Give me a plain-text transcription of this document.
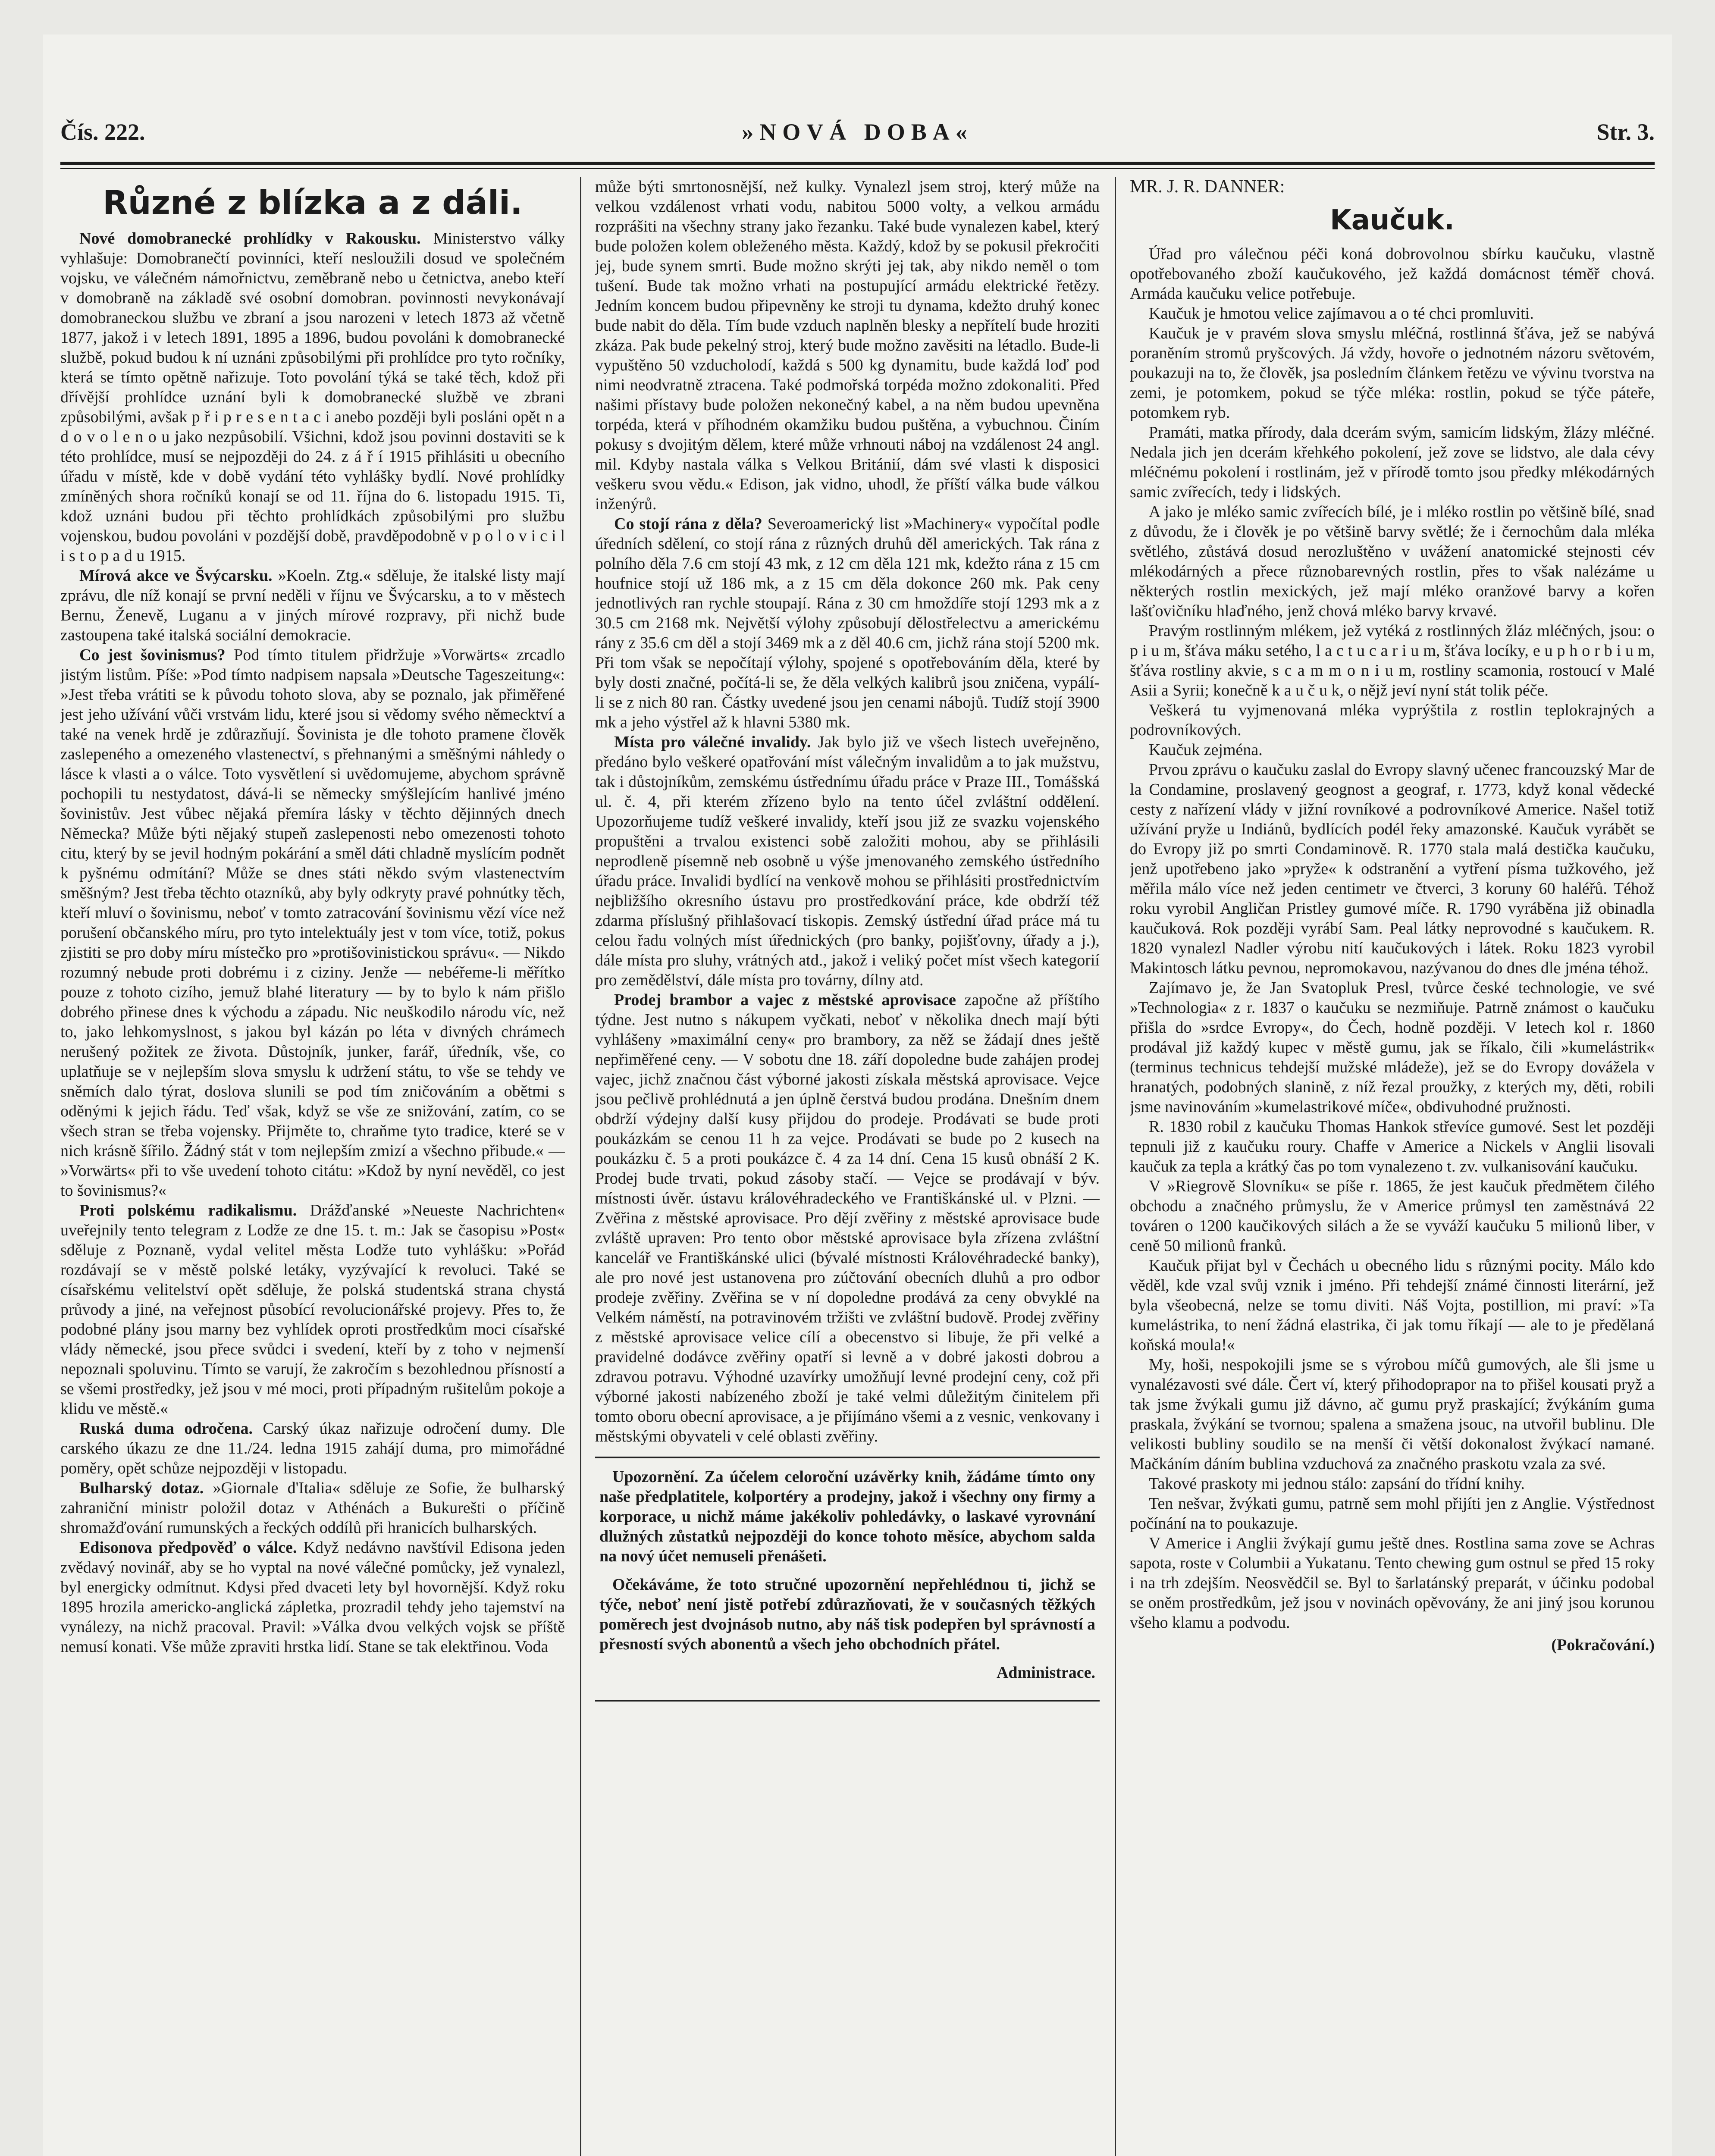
Čís. 222.	»NOVÁ DOBA«	Str. 3.
Různé z blízka a z dáli.

Nové domobranecké prohlídky v Rakousku. Ministerstvo války vyhlašuje: Domobranečtí povinníci, kteří nesloužili dosud ve společném vojsku, ve válečném námořnictvu, zeměbraně nebo u četnictva, anebo kteří v domobraně na základě své osobní domobran. povinnosti nevykonávají domobraneckou službu ve zbraní a jsou narozeni v letech 1873 až včetně 1877, jakož i v letech 1891, 1895 a 1896, budou povoláni k domobranecké službě, pokud budou k ní uznáni způsobilými při prohlídce pro tyto ročníky, která se tímto opětně nařizuje. Toto povolání týká se také těch, kdož při dřívější prohlídce uznání byli k domobranecké službě ve zbrani způsobilými, avšak p ř i p r e s e n t a c i anebo později byli posláni opět n a d o v o l e n o u jako nezpůsobilí. Všichni, kdož jsou povinni dostaviti se k této prohlídce, musí se nejpozději do 24. z á ř í 1915 přihlásiti u obecního úřadu v místě, kde v době vydání této vyhlášky bydlí. Nové prohlídky zmíněných shora ročníků konají se od 11. října do 6. listopadu 1915. Ti, kdož uznáni budou při těchto prohlídkách způsobilými pro službu vojenskou, budou povoláni v pozdější době, pravděpodobně v p o l o v i c i l i s t o p a d u 1915.

Mírová akce ve Švýcarsku. »Koeln. Ztg.« sděluje, že italské listy mají zprávu, dle níž konají se první neděli v říjnu ve Švýcarsku, a to v městech Bernu, Ženevě, Luganu a v jiných mírové rozpravy, při nichž bude zastoupena také italská sociální demokracie.

Co jest šovinismus? Pod tímto titulem přidržuje »Vorwärts« zrcadlo jistým listům. Píše: »Pod tímto nadpisem napsala »Deutsche Tageszeitung«: »Jest třeba vrátiti se k původu tohoto slova, aby se poznalo, jak přiměřené jest jeho užívání vůči vrstvám lidu, které jsou si vědomy svého německtví a také na venek hrdě je zdůrazňují. Šovinista je dle tohoto pramene člověk zaslepeného a omezeného vlastenectví, s přehnanými a směšnými náhledy o lásce k vlasti a o válce. Toto vysvětlení si uvědomujeme, abychom správně pochopili tu nestydatost, dává-li se německy smýšlejícím hanlivé jméno šovinistův. Jest vůbec nějaká přemíra lásky v těchto dějinných dnech Německa? Může býti nějaký stupeň zaslepenosti nebo omezenosti tohoto citu, který by se jevil hodným pokárání a směl dáti chladně myslícím podnět k pyšnému odmítání? Může se dnes státi někdo svým vlastenectvím směšným? Jest třeba těchto otazníků, aby byly odkryty pravé pohnútky těch, kteří mluví o šovinismu, neboť v tomto zatracování šovinismu vězí více než porušení občanského míru, pro tyto intelektuály jest v tom více, totiž, pokus zjistiti se pro doby míru místečko pro »protišovinistickou správu«. — Nikdo rozumný nebude proti dobrému i z ciziny. Jenže — nebéřeme-li měřítko pouze z tohoto cizího, jemuž blahé literatury — by to bylo k nám přišlo dobrého přinese dnes k východu a západu. Nic neuškodilo národu víc, než to, jako lehkomyslnost, s jakou byl kázán po léta v divných chrámech nerušený požitek ze života. Důstojník, junker, farář, úředník, vše, co uplatňuje se v nejlepším slova smyslu k udržení státu, to vše se tehdy ve sněmích dalo týrat, doslova slunili se pod tím zničováním a obětmi s oděnými k jejich řádu. Teď však, když se vše ze snižování, zatím, co se všech stran se třeba vojensky. Přijměte to, chraňme tyto tradice, které se v nich krásně šířilo. Žádný stát v tom nejlepším zmizí a všechno přibude.« — »Vorwärts« při to vše uvedení tohoto citátu: »Kdož by nyní nevěděl, co jest to šovinismus?«

Proti polskému radikalismu. Drážďanské »Neueste Nachrichten« uveřejnily tento telegram z Lodže ze dne 15. t. m.: Jak se časopisu »Post« sděluje z Poznaně, vydal velitel města Lodže tuto vyhlášku: »Pořád rozdávají se v městě polské letáky, vyzývající k revoluci. Také se císařskému velitelství opět sděluje, že polská studentská strana chystá průvody a jiné, na veřejnost působící revolucionářské projevy. Přes to, že podobné plány jsou marny bez vyhlídek oproti prostředkům moci císařské vlády německé, jsou přece svůdci i svedení, kteří by z toho v nejmenší nepoznali spoluvinu. Tímto se varují, že zakročím s bezohlednou přísností a se všemi prostředky, jež jsou v mé moci, proti případným rušitelům pokoje a klidu ve městě.«

Ruská duma odročena. Carský úkaz nařizuje odročení dumy. Dle carského úkazu ze dne 11./24. ledna 1915 zahájí duma, pro mimořádné poměry, opět schůze nejpozději v listopadu.

Bulharský dotaz. »Giornale d'Italia« sděluje ze Sofie, že bulharský zahraniční ministr položil dotaz v Athénách a Bukurešti o příčině shromažďování rumunských a řeckých oddílů při hranicích bulharských.

Edisonova předpověď o válce. Když nedávno navštívil Edisona jeden zvědavý novinář, aby se ho vyptal na nové válečné pomůcky, jež vynalezl, byl energicky odmítnut. Kdysi před dvaceti lety byl hovornější. Když roku 1895 hrozila americko-anglická zápletka, prozradil tehdy jeho tajemství na vynálezy, na nichž pracoval. Pravil: »Válka dvou velkých vojsk se příště nemusí konati. Vše může zpraviti hrstka lidí. Stane se tak elektřinou. Voda

může býti smrtonosnější, než kulky. Vynalezl jsem stroj, který může na velkou vzdálenost vrhati vodu, nabitou 5000 volty, a velkou armádu rozprášiti na všechny strany jako řezanku. Také bude vynalezen kabel, který bude položen kolem obleženého města. Každý, kdož by se pokusil překročiti jej, bude synem smrti. Bude možno skrýti jej tak, aby nikdo neměl o tom tušení. Bude tak možno vrhati na postupující armádu elektrické řetězy. Jedním koncem budou připevněny ke stroji tu dynama, kdežto druhý konec bude nabit do děla. Tím bude vzduch naplněn blesky a nepřítelí bude hroziti zkáza. Pak bude pekelný stroj, který bude možno zavěsiti na létadlo. Bude-li vypuštěno 50 vzducholodí, každá s 500 kg dynamitu, bude každá loď pod nimi neodvratně ztracena. Také podmořská torpéda možno zdokonaliti. Před našimi přístavy bude položen nekonečný kabel, a na něm budou upevněna torpéda, která v příhodném okamžiku budou puštěna, a vybuchnou. Činím pokusy s dvojitým dělem, které může vrhnouti náboj na vzdálenost 24 angl. mil. Kdyby nastala válka s Velkou Británií, dám své vlasti k disposici veškeru svou vědu.« Edison, jak vidno, uhodl, že příští válka bude válkou inženýrů.

Co stojí rána z děla? Severoamerický list »Machinery« vypočítal podle úředních sdělení, co stojí rána z různých druhů děl amerických. Tak rána z polního děla 7.6 cm stojí 43 mk, z 12 cm děla 121 mk, kdežto rána z 15 cm houfnice stojí už 186 mk, a z 15 cm děla dokonce 260 mk. Pak ceny jednotlivých ran rychle stoupají. Rána z 30 cm hmoždíře stojí 1293 mk a z 30.5 cm 2168 mk. Největší výlohy způsobují dělostřelectvu a americkému rány z 35.6 cm děl a stojí 3469 mk a z děl 40.6 cm, jichž rána stojí 5200 mk. Při tom však se nepočítají výlohy, spojené s opotřebováním děla, které by byly dosti značné, počítá-li se, že děla velkých kalibrů jsou zničena, vypálí-li se z nich 80 ran. Částky uvedené jsou jen cenami nábojů. Tudíž stojí 3900 mk a jeho výstřel až k hlavni 5380 mk.

Místa pro válečné invalidy. Jak bylo již ve všech listech uveřejněno, předáno bylo veškeré opatřování míst válečným invalidům a to jak mužstvu, tak i důstojníkům, zemskému ústřednímu úřadu práce v Praze III., Tomášská ul. č. 4, při kterém zřízeno bylo na tento účel zvláštní oddělení. Upozorňujeme tudíž veškeré invalidy, kteří jsou již ze svazku vojenského propuštěni a trvalou existenci sobě založiti mohou, aby se přihlásili neprodleně písemně neb osobně u výše jmenovaného zemského ústředního úřadu práce. Invalidi bydlící na venkově mohou se přihlásiti prostřednictvím nejbližšího okresního ústavu pro prostředkování práce, kde obdrží též zdarma příslušný přihlašovací tiskopis. Zemský ústřední úřad práce má tu celou řadu volných míst úřednických (pro banky, pojišťovny, úřady a j.), dále místa pro sluhy, vrátných atd., jakož i veliký počet míst všech kategorií pro zemědělství, dále místa pro továrny, dílny atd.

Prodej brambor a vajec z městské aprovisace započne až příštího týdne. Jest nutno s nákupem vyčkati, neboť v několika dnech mají býti vyhlášeny »maximální ceny« pro brambory, za něž se žádají dnes ještě nepřiměřené ceny. — V sobotu dne 18. září dopoledne bude zahájen prodej vajec, jichž značnou část výborné jakosti získala městská aprovisace. Vejce jsou pečlivě prohlédnutá a jen úplně čerstvá budou prodána. Dnešním dnem obdrží výdejny další kusy přijdou do prodeje. Prodávati se bude proti poukázkám se cenou 11 h za vejce. Prodávati se bude po 2 kusech na poukázku č. 5 a proti poukázce č. 4 za 14 dní. Cena 15 kusů obnáší 2 K. Prodej bude trvati, pokud zásoby stačí. — Vejce se prodávají v býv. místnosti úvěr. ústavu královéhradeckého ve Františkánské ul. v Plzni. — Zvěřina z městské aprovisace. Pro dějí zvěřiny z městské aprovisace bude zvláště upraven: Pro tento obor městské aprovisace byla zřízena zvláštní kancelář ve Františkánské ulici (bývalé místnosti Královéhradecké banky), ale pro nové jest ustanovena pro zúčtování obecních dluhů a pro odbor prodeje zvěřiny. Zvěřina se v ní dopoledne prodává za ceny obvyklé na Velkém náměstí, na potravinovém tržišti ve zvláštní budově. Prodej zvěřiny z městské aprovisace velice cílí a obecenstvo si libuje, že při velké a pravidelné dodávce zvěřiny opatří si levně a v dobré jakosti dobrou a zdravou potravu. Výhodné uzavírky umožňují levné prodejní ceny, což při výborné jakosti nabízeného zboží je také velmi důležitým činitelem při tomto oboru obecní aprovisace, a je přijímáno všemi a z vesnic, venkovany i městskými obyvateli v celé oblasti zvěřiny.

Upozornění. Za účelem celoroční uzávěrky knih, žádáme tímto ony naše předplatitele, kolportéry a prodejny, jakož i všechny ony firmy a korporace, u nichž máme jakékoliv pohledávky, o laskavé vyrovnání dlužných zůstatků nejpozději do konce tohoto měsíce, abychom salda na nový účet nemuseli přenášeti.

Očekáváme, že toto stručné upozornění nepřehlédnou ti, jichž se týče, neboť není jistě potřebí zdůrazňovati, že v současných těžkých poměrech jest dvojnásob nutno, aby náš tisk podepřen byl správností a přesností svých abonentů a všech jeho obchodních přátel.

Administrace.

MR. J. R. DANNER:
Kaučuk.

Úřad pro válečnou péči koná dobrovolnou sbírku kaučuku, vlastně opotřebovaného zboží kaučukového, jež každá domácnost téměř chová. Armáda kaučuku velice potřebuje.

Kaučuk je hmotou velice zajímavou a o té chci promluviti.

Kaučuk je v pravém slova smyslu mléčná, rostlinná šťáva, jež se nabývá poraněním stromů pryšcových. Já vždy, hovoře o jednotném názoru světovém, poukazuji na to, že člověk, jsa posledním článkem řetězu ve vývinu tvorstva na zemi, je potomkem, pokud se týče mléka: rostlin, pokud se týče páteře, potomkem ryb.

Pramáti, matka přírody, dala dcerám svým, samicím lidským, žlázy mléčné. Nedala jich jen dcerám křehkého pokolení, jež zove se lidstvo, ale dala cévy mléčnému pokolení i rostlinám, jež v přírodě tomto jsou předky mlékodárných samic zvířecích, tedy i lidských.

A jako je mléko samic zvířecích bílé, je i mléko rostlin po většině bílé, snad z důvodu, že i člověk je po většině barvy světlé; že i černochům dala mléka světlého, zůstává dosud nerozluštěno v uvážení anatomické stejnosti cév mlékodárných a přece různobarevných rostlin, přes to však nalézáme u některých rostlin mexických, jež mají mléko oranžové barvy a kořen lašťovičníku hlaďného, jenž chová mléko barvy krvavé.

Pravým rostlinným mlékem, jež vytéká z rostlinných žláz mléčných, jsou: o p i u m, šťáva máku setého, l a c t u c a r i u m, šťáva locíky, e u p h o r b i u m, šťáva rostliny akvie, s c a m m o n i u m, rostliny scamonia, rostoucí v Malé Asii a Syrii; konečně k a u č u k, o nějž jeví nyní stát tolik péče.

Veškerá tu vyjmenovaná mléka vyprýštila z rostlin teplokrajných a podrovníkových.

Kaučuk zejména.

Prvou zprávu o kaučuku zaslal do Evropy slavný učenec francouzský Mar de la Condamine, proslavený geognost a geograf, r. 1773, když konal vědecké cesty z nařízení vlády v jižní rovníkové a podrovníkové Americe. Našel totiž užívání pryže u Indiánů, bydlících podél řeky amazonské. Kaučuk vyrábět se do Evropy již po smrti Condaminově. R. 1770 stala malá destička kaučuku, jenž upotřebeno jako »pryže« k odstranění a vytření písma tužkového, jež měřila málo více než jeden centimetr ve čtverci, 3 koruny 60 haléřů. Téhož roku vyrobil Angličan Pristley gumové míče. R. 1790 vyráběna již obinadla kaučuková. Rok později vyrábí Sam. Peal látky neprovodné s kaučukem. R. 1820 vynalezl Nadler výrobu nití kaučukových i látek. Roku 1823 vyrobil Makintosch látku pevnou, nepromokavou, nazývanou do dnes dle jména téhož.

Zajímavo je, že Jan Svatopluk Presl, tvůrce české technologie, ve své »Technologia« z r. 1837 o kaučuku se nezmiňuje. Patrně známost o kaučuku přišla do »srdce Evropy«, do Čech, hodně později. V letech kol r. 1860 prodával již každý kupec v městě gumu, jak se říkalo, čili »kumelástrik« (terminus technicus tehdejší mužské mládeže), jež se do Evropy dovážela v hranatých, podobných slanině, z níž řezal proužky, z kterých my, děti, robili jsme navinováním »kumelastrikové míče«, obdivuhodné pružnosti.

R. 1830 robil z kaučuku Thomas Hankok střevíce gumové. Sest let později tepnuli již z kaučuku roury. Chaffe v Americe a Nickels v Anglii lisovali kaučuk za tepla a krátký čas po tom vynalezeno t. zv. vulkanisování kaučuku.

V »Riegrově Slovníku« se píše r. 1865, že jest kaučuk předmětem čilého obchodu a značného průmyslu, že v Americe průmysl ten zaměstnává 22 továren o 1200 kaučikových silách a že se vyváží kaučuku 5 milionů liber, v ceně 50 milionů franků.

Kaučuk přijat byl v Čechách u obecného lidu s různými pocity. Málo kdo věděl, kde vzal svůj vznik i jméno. Při tehdejší známé činnosti literární, jež byla všeobecná, nelze se tomu diviti. Náš Vojta, postillion, mi praví: »Ta kumelástrika, to není žádná elastrika, či jak tomu říkají — ale to je předělaná koňská moula!«

My, hoši, nespokojili jsme se s výrobou míčů gumových, ale šli jsme u vynalézavosti své dále. Čert ví, který přihodoprapor na to přišel kousati pryž a tak jsme žvýkali gumu již dávno, ač gumu pryž praskající; žvýkáním guma praskala, žvýkání se tvornou; spalena a smažena jsouc, na utvořil bublinu. Dle velikosti bubliny soudilo se na menší či větší dokonalost žvýkací namané. Mačkáním dáním bublina vzduchová za značného praskotu vzala za své.

Takové praskoty mi jednou stálo: zapsání do třídní knihy.

Ten nešvar, žvýkati gumu, patrně sem mohl přijíti jen z Anglie. Výstřednost počínání na to poukazuje.

V Americe i Anglii žvýkají gumu ještě dnes. Rostlina sama zove se Achras sapota, roste v Columbii a Yukatanu. Tento chewing gum ostnul se před 15 roky i na trh zdejším. Neosvědčil se. Byl to šarlatánský preparát, v účinku podobal se oněm prostředkům, jež jsou v novinách opěvovány, že ani jiný jsou korunou všeho klamu a podvodu.

(Pokračování.)
